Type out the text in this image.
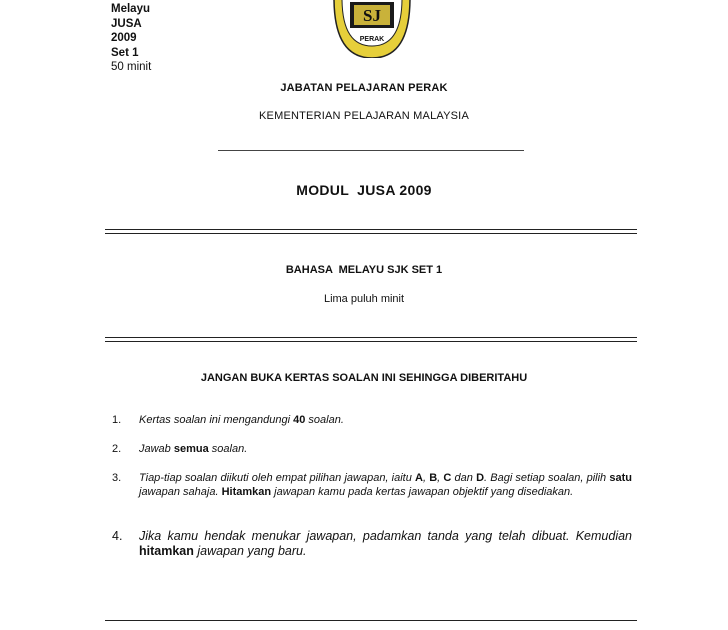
Melayu
JUSA
2009
Set 1
50 minit
SJ
PERAK
JABATAN PELAJARAN PERAK
KEMENTERIAN PELAJARAN MALAYSIA
MODUL  JUSA 2009
BAHASA  MELAYU SJK SET 1
Lima puluh minit
JANGAN BUKA KERTAS SOALAN INI SEHINGGA DIBERITAHU
1. Kertas soalan ini mengandungi 40 soalan.
2. Jawab semua soalan.
3. Tiap-tiap soalan diikuti oleh empat pilihan jawapan, iaitu A, B, C dan D. Bagi setiap soalan, pilih satu jawapan sahaja. Hitamkan jawapan kamu pada kertas jawapan objektif yang disediakan.
4. Jika kamu hendak menukar jawapan, padamkan tanda yang telah dibuat. Kemudian hitamkan jawapan yang baru.
